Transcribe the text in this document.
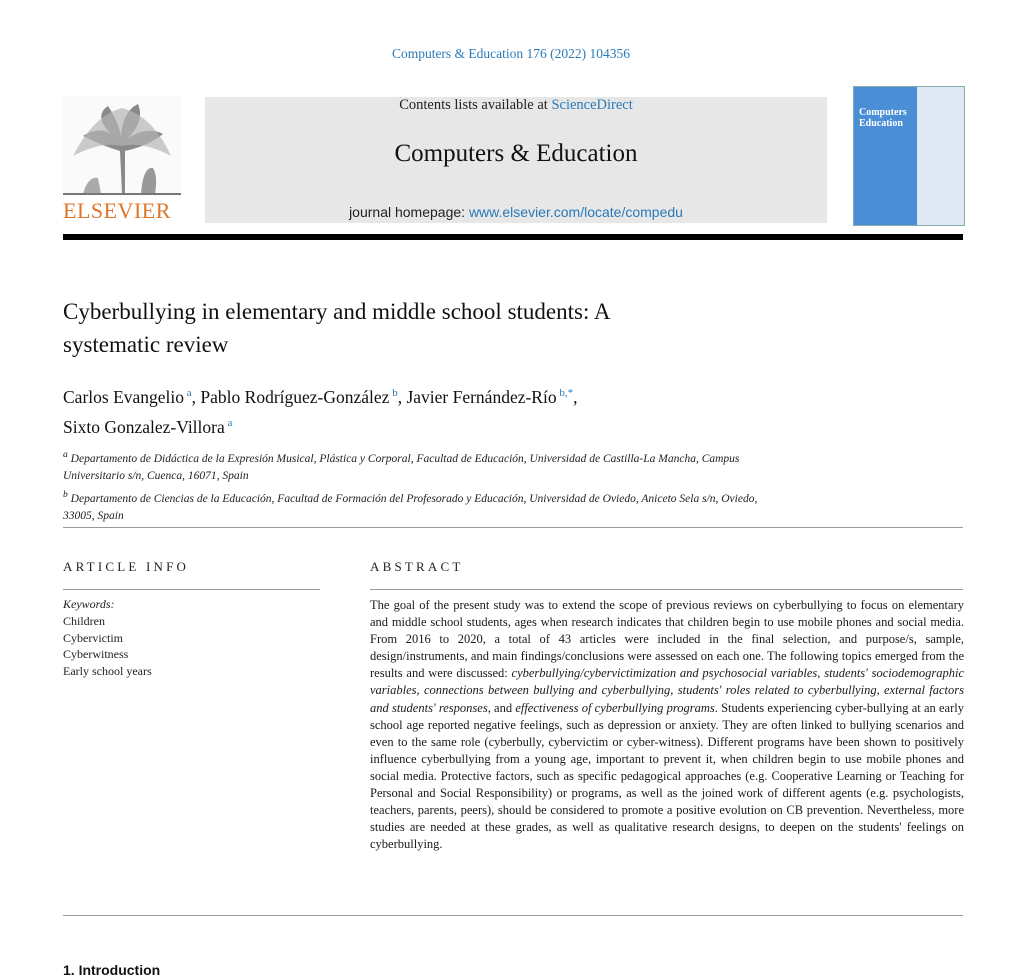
Computers & Education 176 (2022) 104356
ELSEVIER
Contents lists available at ScienceDirect
Computers & Education
journal homepage: www.elsevier.com/locate/compedu
Computers
Education
Cyberbullying in elementary and middle school students: A
systematic review
Carlos Evangelio $^a$, Pablo Rodríguez-González $^b$, Javier Fernández-Río $^{b,*}$,
Sixto Gonzalez-Villora $^a$
$^a$ Departamento de Didáctica de la Expresión Musical, Plástica y Corporal, Facultad de Educación, Universidad de Castilla-La Mancha, Campus
Universitario s/n, Cuenca, 16071, Spain
$^b$ Departamento de Ciencias de la Educación, Facultad de Formación del Profesorado y Educación, Universidad de Oviedo, Aniceto Sela s/n, Oviedo,
33005, Spain
ARTICLE INFO	ABSTRACT
Keywords:
Children
Cybervictim
Cyberwitness
Early school years
The goal of the present study was to extend the scope of previous reviews on cyberbullying to focus on elementary and middle school students, ages when research indicates that children begin to use mobile phones and social media. From 2016 to 2020, a total of 43 articles were included in the final selection, and purpose/s, sample, design/instruments, and main findings/conclusions were assessed on each one. The following topics emerged from the results and were discussed: cyberbullying/cybervictimization and psychosocial variables, students' sociodemographic variables, connections between bullying and cyberbullying, students' roles related to cyberbullying, external factors and students' responses, and effectiveness of cyberbullying programs. Students experiencing cyber-bullying at an early school age reported negative feelings, such as depression or anxiety. They are often linked to bullying scenarios and even to the same role (cyberbully, cybervictim or cyber-witness). Different programs have been shown to positively influence cyberbullying from a young age, important to prevent it, when children begin to use mobile phones and social media. Protective factors, such as specific pedagogical approaches (e.g. Cooperative Learning or Teaching for Personal and Social Responsibility) or programs, as well as the joined work of different agents (e.g. psychologists, teachers, parents, peers), should be considered to promote a positive evolution on CB prevention. Nevertheless, more studies are needed at these grades, as well as qualitative research designs, to deepen on the students' feelings on cyberbullying.
1. Introduction
